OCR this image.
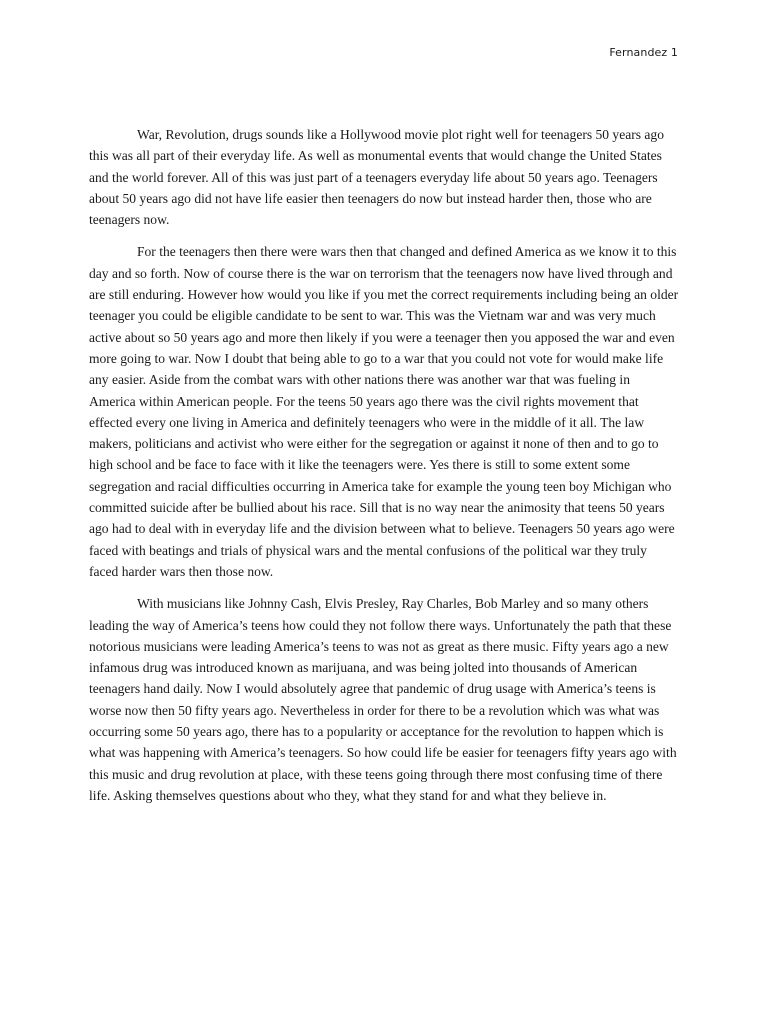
Fernandez 1

War, Revolution, drugs sounds like a Hollywood movie plot right well for teenagers 50 years ago this was all part of their everyday life. As well as monumental events that would change the United States and the world forever. All of this was just part of a teenagers everyday life about 50 years ago. Teenagers about 50 years ago did not have life easier then teenagers do now but instead harder then, those who are teenagers now.

For the teenagers then there were wars then that changed and defined America as we know it to this day and so forth. Now of course there is the war on terrorism that the teenagers now have lived through and are still enduring. However how would you like if you met the correct requirements including being an older teenager you could be eligible candidate to be sent to war. This was the Vietnam war and was very much active about so 50 years ago and more then likely if you were a teenager then you apposed the war and even more going to war. Now I doubt that being able to go to a war that you could not vote for would make life any easier. Aside from the combat wars with other nations there was another war that was fueling in America within American people. For the teens 50 years ago there was the civil rights movement that effected every one living in America and definitely teenagers who were in the middle of it all. The law makers, politicians and activist who were either for the segregation or against it none of then and to go to high school and be face to face with it like the teenagers were. Yes there is still to some extent some segregation and racial difficulties occurring in America take for example the young teen boy Michigan who committed suicide after be bullied about his race. Sill that is no way near the animosity that teens 50 years ago had to deal with in everyday life and the division between what to believe. Teenagers 50 years ago were faced with beatings and trials of physical wars and the mental confusions of the political war they truly faced harder wars then those now.

With musicians like Johnny Cash, Elvis Presley, Ray Charles, Bob Marley and so many others leading the way of America’s teens how could they not follow there ways. Unfortunately the path that these notorious musicians were leading America’s teens to was not as great as there music. Fifty years ago a new infamous drug was introduced known as marijuana, and was being jolted into thousands of American teenagers hand daily. Now I would absolutely agree that pandemic of drug usage with America’s teens is worse now then 50 fifty years ago. Nevertheless in order for there to be a revolution which was what was occurring some 50 years ago, there has to a popularity or acceptance for the revolution to happen which is what was happening with America’s teenagers. So how could life be easier for teenagers fifty years ago with this music and drug revolution at place, with these teens going through there most confusing time of there life. Asking themselves questions about who they, what they stand for and what they believe in.
